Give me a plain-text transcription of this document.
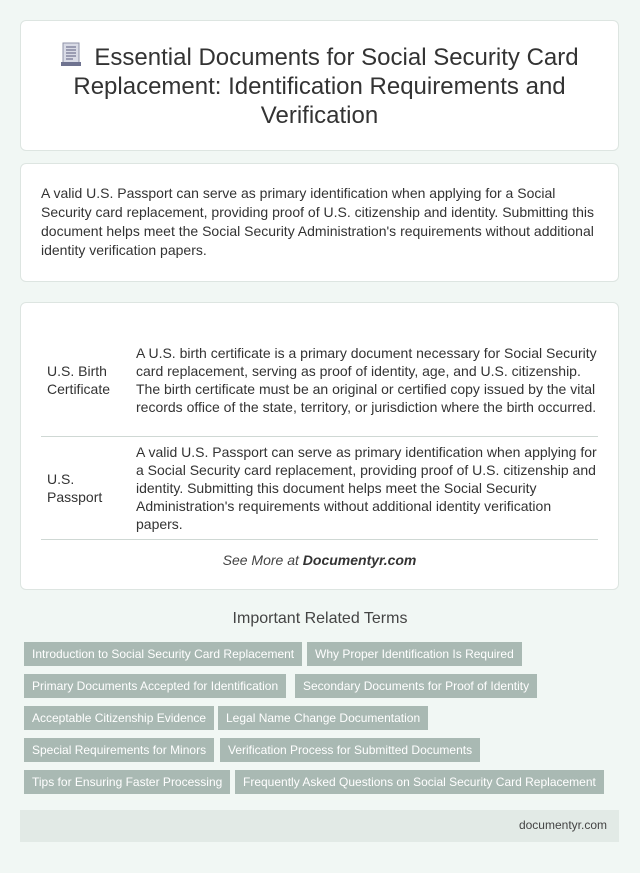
Essential Documents for Social Security Card Replacement: Identification Requirements and Verification

A valid U.S. Passport can serve as primary identification when applying for a Social Security card replacement, providing proof of U.S. citizenship and identity. Submitting this document helps meet the Social Security Administration's requirements without additional identity verification papers.

U.S. Birth Certificate	A U.S. birth certificate is a primary document necessary for Social Security card replacement, serving as proof of identity, age, and U.S. citizenship. The birth certificate must be an original or certified copy issued by the vital records office of the state, territory, or jurisdiction where the birth occurred.
U.S. Passport	A valid U.S. Passport can serve as primary identification when applying for a Social Security card replacement, providing proof of U.S. citizenship and identity. Submitting this document helps meet the Social Security Administration's requirements without additional identity verification papers.
See More at Documentyr.com
Important Related Terms
Introduction to Social Security Card Replacement	Why Proper Identification Is Required
Primary Documents Accepted for Identification	Secondary Documents for Proof of Identity
Acceptable Citizenship Evidence	Legal Name Change Documentation
Special Requirements for Minors	Verification Process for Submitted Documents
Tips for Ensuring Faster Processing	Frequently Asked Questions on Social Security Card Replacement
documentyr.com
